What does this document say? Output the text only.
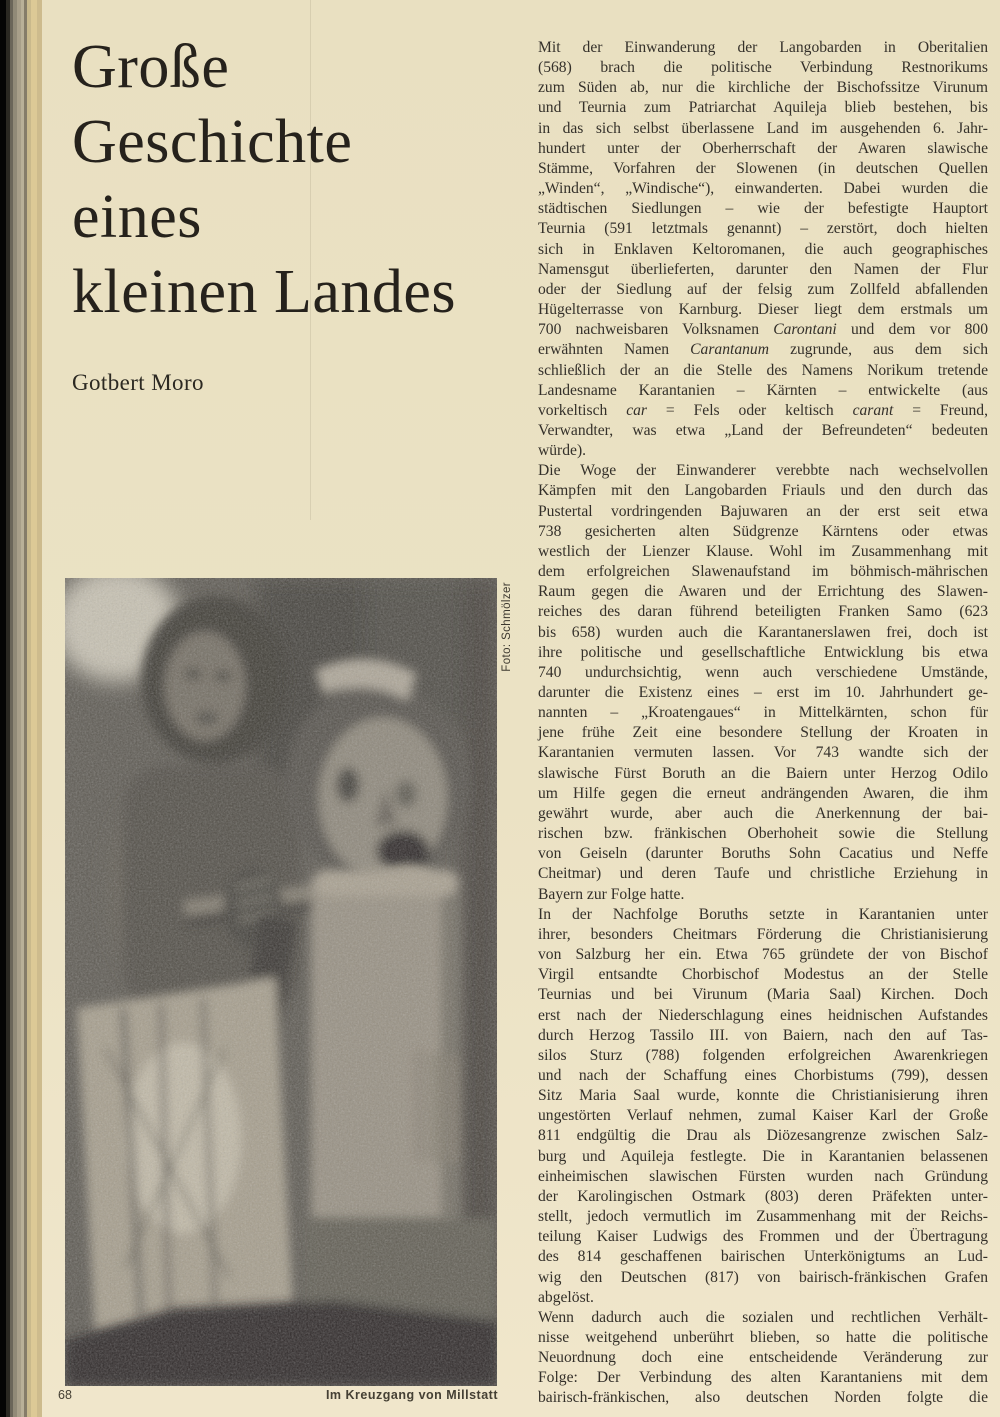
Große
Geschichte
eines
kleinen Landes
Gotbert Moro
Foto: Schmölzer
Mit der Einwanderung der Langobarden in Oberitalien
(568) brach die politische Verbindung Restnorikums
zum Süden ab, nur die kirchliche der Bischofssitze Virunum
und Teurnia zum Patriarchat Aquileja blieb bestehen, bis
in das sich selbst überlassene Land im ausgehenden 6. Jahr-
hundert unter der Oberherrschaft der Awaren slawische
Stämme, Vorfahren der Slowenen (in deutschen Quellen
„Winden“, „Windische“), einwanderten. Dabei wurden die
städtischen Siedlungen – wie der befestigte Hauptort
Teurnia (591 letztmals genannt) – zerstört, doch hielten
sich in Enklaven Keltoromanen, die auch geographisches
Namensgut überlieferten, darunter den Namen der Flur
oder der Siedlung auf der felsig zum Zollfeld abfallenden
Hügelterrasse von Karnburg. Dieser liegt dem erstmals um
700 nachweisbaren Volksnamen Carontani und dem vor 800
erwähnten Namen Carantanum zugrunde, aus dem sich
schließlich der an die Stelle des Namens Norikum tretende
Landesname Karantanien – Kärnten – entwickelte (aus
vorkeltisch car = Fels oder keltisch carant = Freund,
Verwandter, was etwa „Land der Befreundeten“ bedeuten
würde).
Die Woge der Einwanderer verebbte nach wechselvollen
Kämpfen mit den Langobarden Friauls und den durch das
Pustertal vordringenden Bajuwaren an der erst seit etwa
738 gesicherten alten Südgrenze Kärntens oder etwas
westlich der Lienzer Klause. Wohl im Zusammenhang mit
dem erfolgreichen Slawenaufstand im böhmisch-mährischen
Raum gegen die Awaren und der Errichtung des Slawen-
reiches des daran führend beteiligten Franken Samo (623
bis 658) wurden auch die Karantanerslawen frei, doch ist
ihre politische und gesellschaftliche Entwicklung bis etwa
740 undurchsichtig, wenn auch verschiedene Umstände,
darunter die Existenz eines – erst im 10. Jahrhundert ge-
nannten – „Kroatengaues“ in Mittelkärnten, schon für
jene frühe Zeit eine besondere Stellung der Kroaten in
Karantanien vermuten lassen. Vor 743 wandte sich der
slawische Fürst Boruth an die Baiern unter Herzog Odilo
um Hilfe gegen die erneut andrängenden Awaren, die ihm
gewährt wurde, aber auch die Anerkennung der bai-
rischen bzw. fränkischen Oberhoheit sowie die Stellung
von Geiseln (darunter Boruths Sohn Cacatius und Neffe
Cheitmar) und deren Taufe und christliche Erziehung in
Bayern zur Folge hatte.
In der Nachfolge Boruths setzte in Karantanien unter
ihrer, besonders Cheitmars Förderung die Christianisierung
von Salzburg her ein. Etwa 765 gründete der von Bischof
Virgil entsandte Chorbischof Modestus an der Stelle
Teurnias und bei Virunum (Maria Saal) Kirchen. Doch
erst nach der Niederschlagung eines heidnischen Aufstandes
durch Herzog Tassilo III. von Baiern, nach den auf Tas-
silos Sturz (788) folgenden erfolgreichen Awarenkriegen
und nach der Schaffung eines Chorbistums (799), dessen
Sitz Maria Saal wurde, konnte die Christianisierung ihren
ungestörten Verlauf nehmen, zumal Kaiser Karl der Große
811 endgültig die Drau als Diözesangrenze zwischen Salz-
burg und Aquileja festlegte. Die in Karantanien belassenen
einheimischen slawischen Fürsten wurden nach Gründung
der Karolingischen Ostmark (803) deren Präfekten unter-
stellt, jedoch vermutlich im Zusammenhang mit der Reichs-
teilung Kaiser Ludwigs des Frommen und der Übertragung
des 814 geschaffenen bairischen Unterkönigtums an Lud-
wig den Deutschen (817) von bairisch-fränkischen Grafen
abgelöst.
Wenn dadurch auch die sozialen und rechtlichen Verhält-
nisse weitgehend unberührt blieben, so hatte die politische
Neuordnung doch eine entscheidende Veränderung zur
Folge: Der Verbindung des alten Karantaniens mit dem
bairisch-fränkischen, also deutschen Norden folgte die
68	Im Kreuzgang von Millstatt
